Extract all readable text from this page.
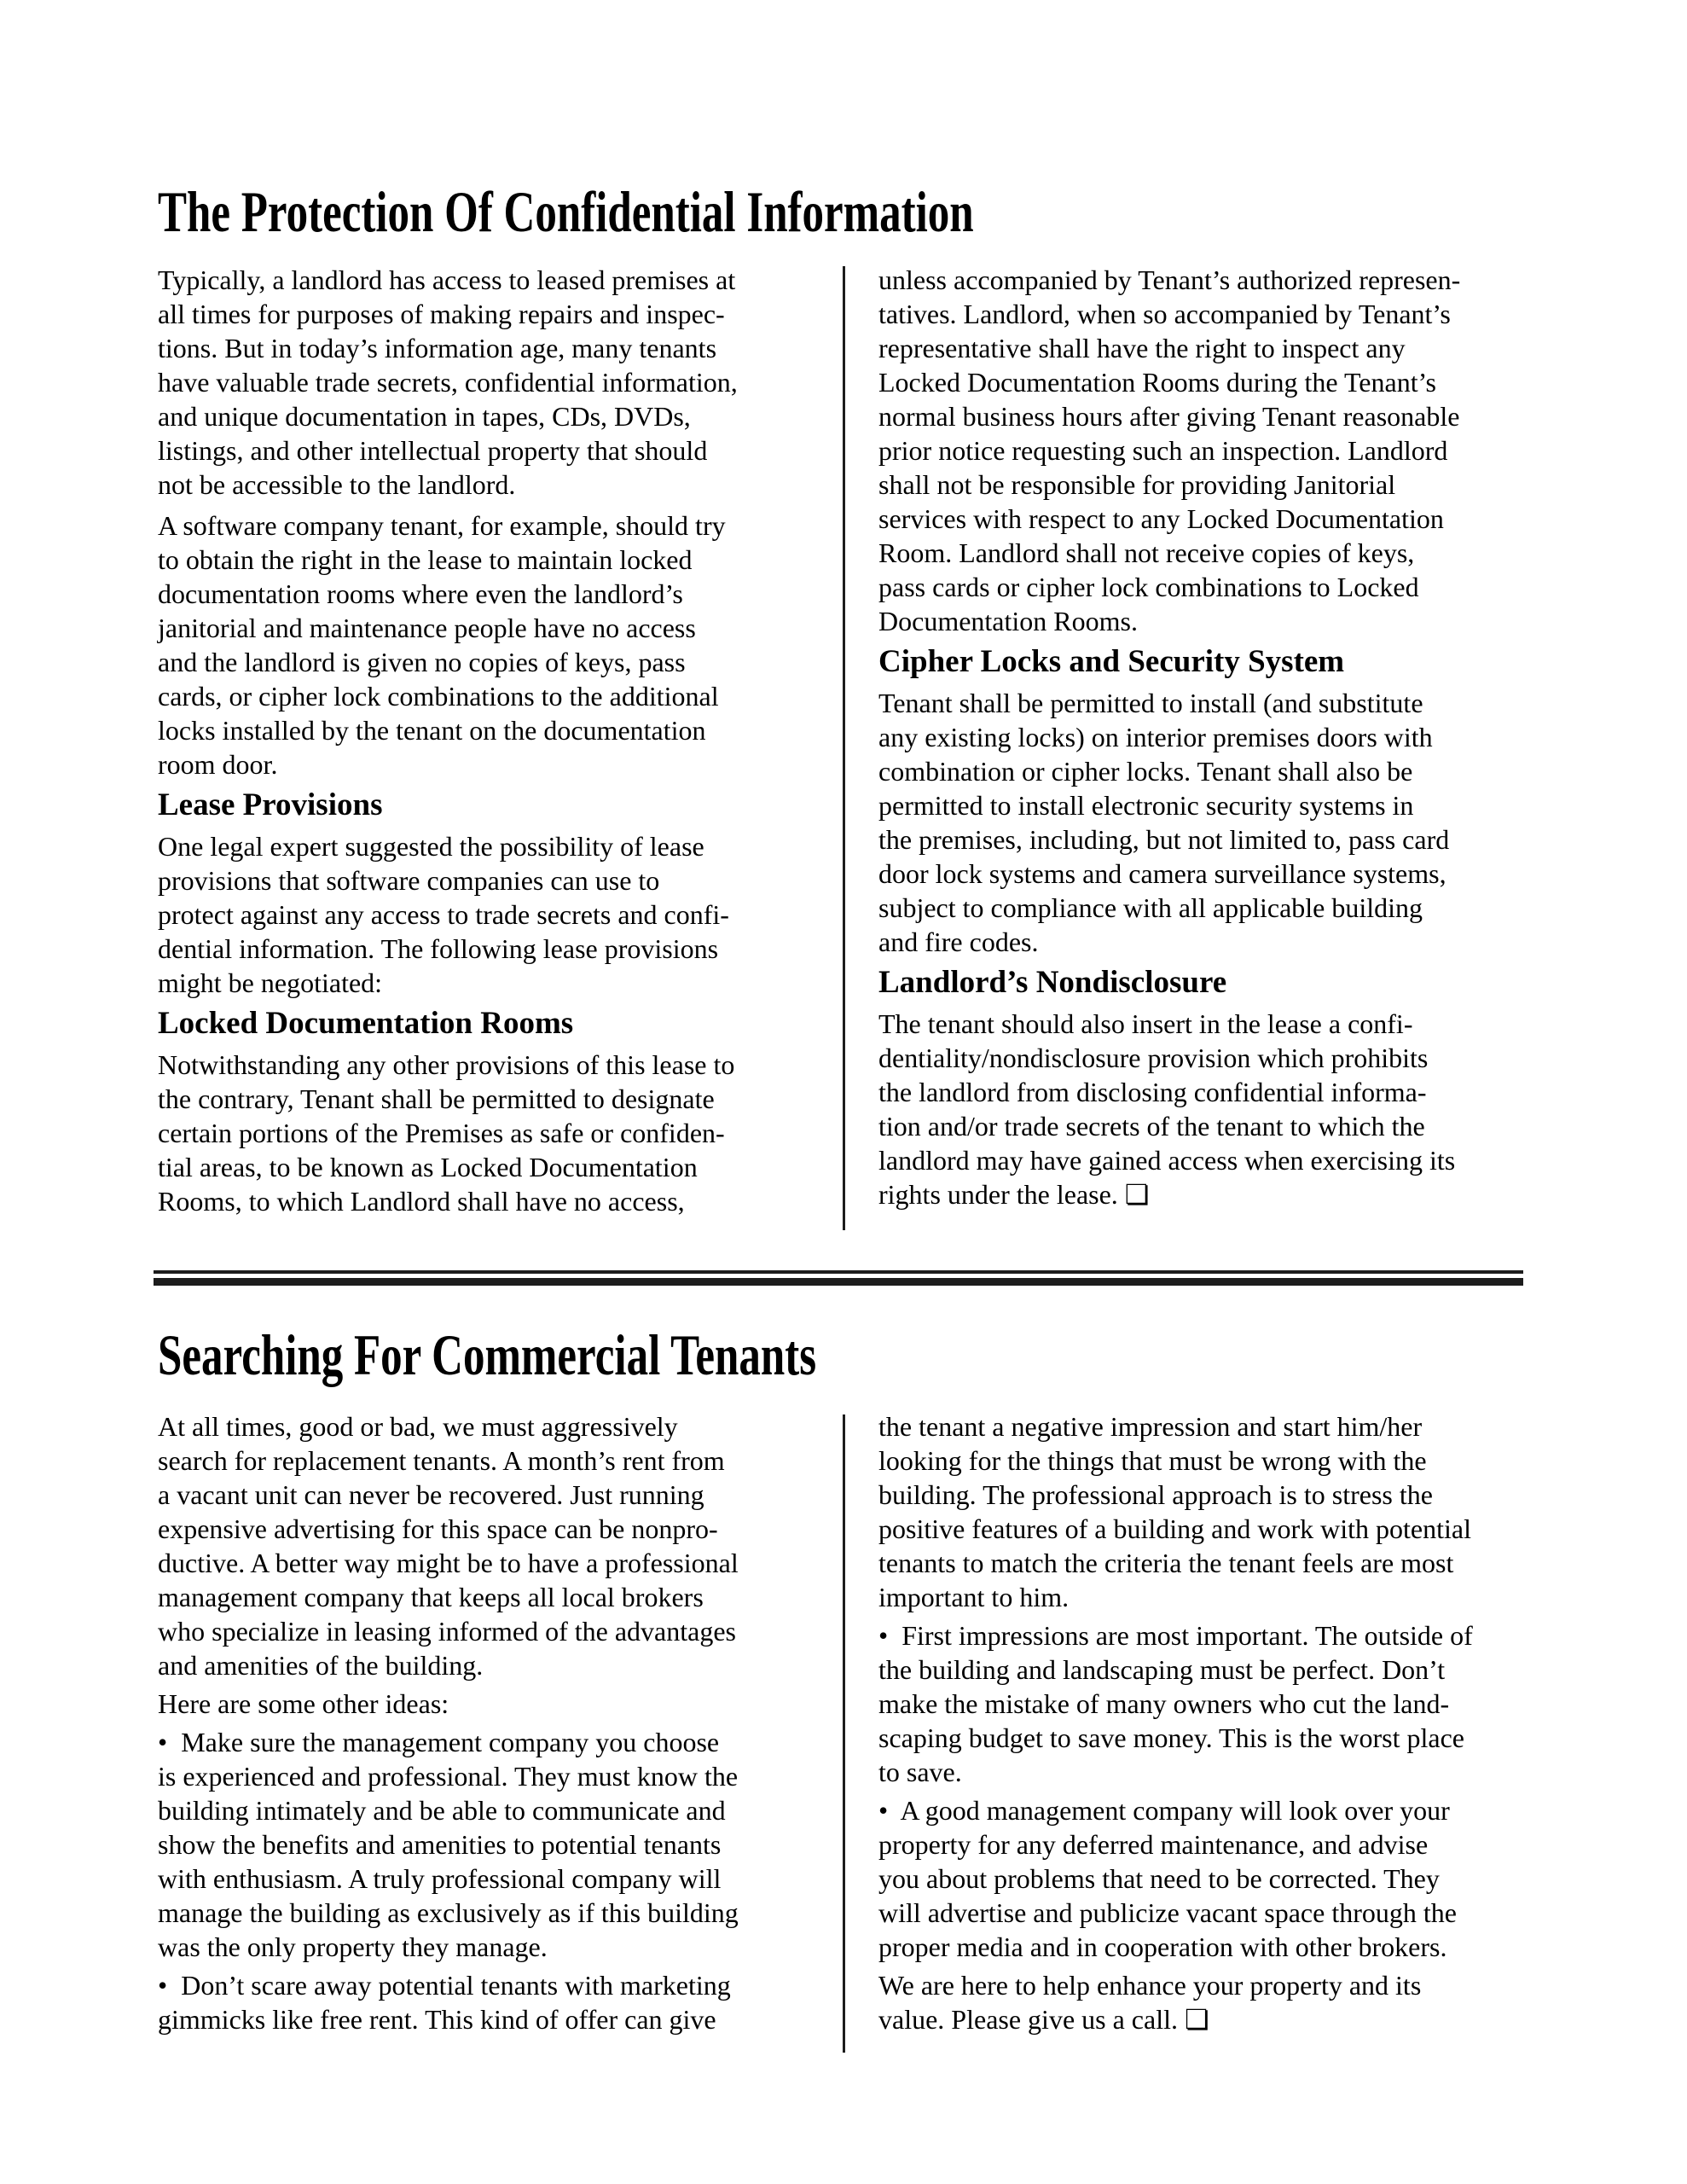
The Protection Of Confidential Information
Typically, a landlord has access to leased premises at
all times for purposes of making repairs and inspec-
tions. But in today’s information age, many tenants
have valuable trade secrets, confidential information,
and unique documentation in tapes, CDs, DVDs,
listings, and other intellectual property that should
not be accessible to the landlord.
A software company tenant, for example, should try
to obtain the right in the lease to maintain locked
documentation rooms where even the landlord’s
janitorial and maintenance people have no access
and the landlord is given no copies of keys, pass
cards, or cipher lock combinations to the additional
locks installed by the tenant on the documentation
room door.
Lease Provisions
One legal expert suggested the possibility of lease
provisions that software companies can use to
protect against any access to trade secrets and confi-
dential information. The following lease provisions
might be negotiated:
Locked Documentation Rooms
Notwithstanding any other provisions of this lease to
the contrary, Tenant shall be permitted to designate
certain portions of the Premises as safe or confiden-
tial areas, to be known as Locked Documentation
Rooms, to which Landlord shall have no access,
unless accompanied by Tenant’s authorized represen-
tatives. Landlord, when so accompanied by Tenant’s
representative shall have the right to inspect any
Locked Documentation Rooms during the Tenant’s
normal business hours after giving Tenant reasonable
prior notice requesting such an inspection. Landlord
shall not be responsible for providing Janitorial
services with respect to any Locked Documentation
Room. Landlord shall not receive copies of keys,
pass cards or cipher lock combinations to Locked
Documentation Rooms.
Cipher Locks and Security System
Tenant shall be permitted to install (and substitute
any existing locks) on interior premises doors with
combination or cipher locks. Tenant shall also be
permitted to install electronic security systems in
the premises, including, but not limited to, pass card
door lock systems and camera surveillance systems,
subject to compliance with all applicable building
and fire codes.
Landlord’s Nondisclosure
The tenant should also insert in the lease a confi-
dentiality/nondisclosure provision which prohibits
the landlord from disclosing confidential informa-
tion and/or trade secrets of the tenant to which the
landlord may have gained access when exercising its
rights under the lease. ❏
Searching For Commercial Tenants
At all times, good or bad, we must aggressively
search for replacement tenants. A month’s rent from
a vacant unit can never be recovered. Just running
expensive advertising for this space can be nonpro-
ductive. A better way might be to have a professional
management company that keeps all local brokers
who specialize in leasing informed of the advantages
and amenities of the building.
Here are some other ideas:
•  Make sure the management company you choose
is experienced and professional. They must know the
building intimately and be able to communicate and
show the benefits and amenities to potential tenants
with enthusiasm. A truly professional company will
manage the building as exclusively as if this building
was the only property they manage.
•  Don’t scare away potential tenants with marketing
gimmicks like free rent. This kind of offer can give
the tenant a negative impression and start him/her
looking for the things that must be wrong with the
building. The professional approach is to stress the
positive features of a building and work with potential
tenants to match the criteria the tenant feels are most
important to him.
•  First impressions are most important. The outside of
the building and landscaping must be perfect. Don’t
make the mistake of many owners who cut the land-
scaping budget to save money. This is the worst place
to save.
•  A good management company will look over your
property for any deferred maintenance, and advise
you about problems that need to be corrected. They
will advertise and publicize vacant space through the
proper media and in cooperation with other brokers.
We are here to help enhance your property and its
value. Please give us a call. ❏
